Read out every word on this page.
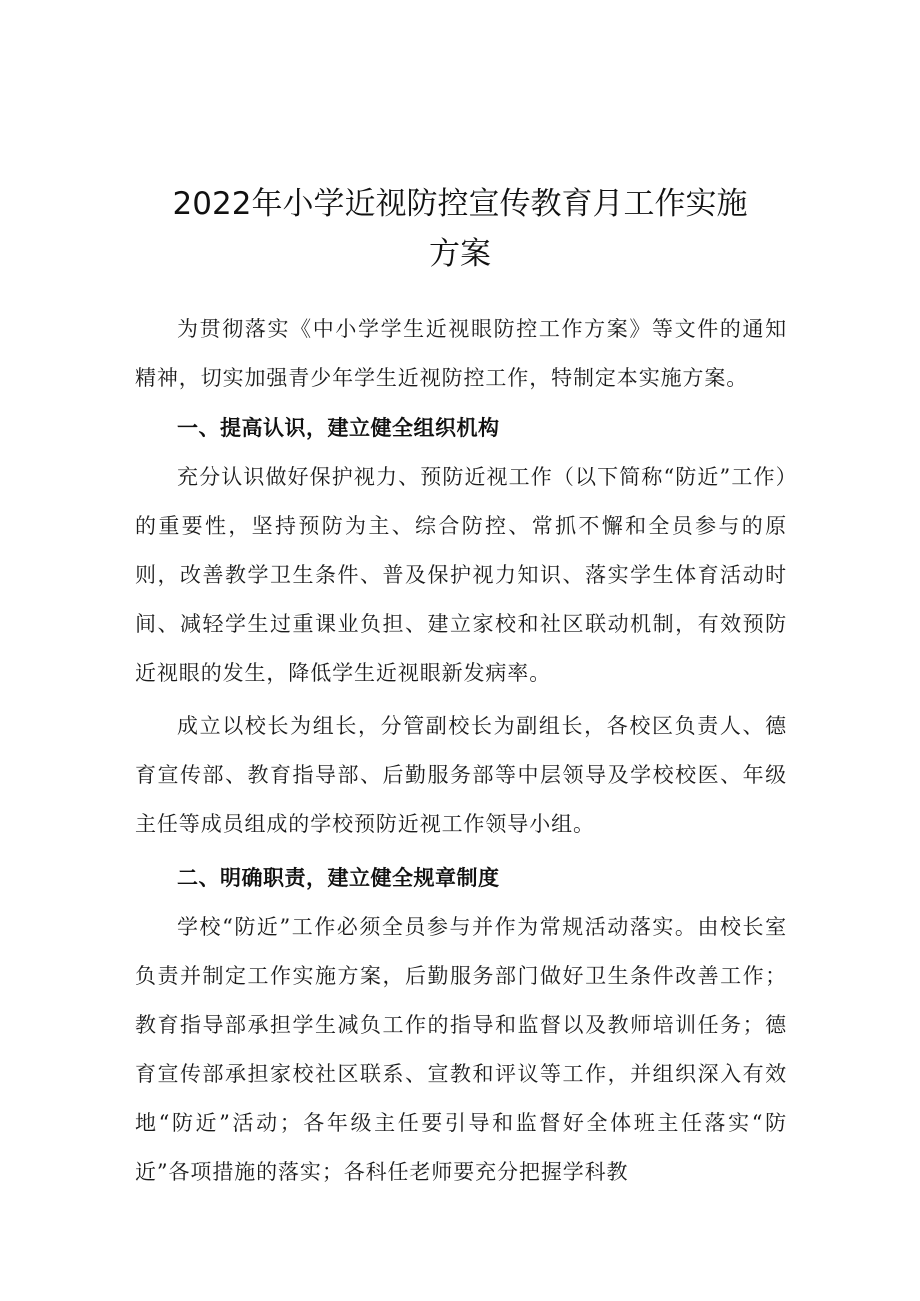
2022年小学近视防控宣传教育月工作实施
方案

为贯彻落实《中小学学生近视眼防控工作方案》等文件的通知精神，切实加强青少年学生近视防控工作，特制定本实施方案。

一、提高认识，建立健全组织机构

充分认识做好保护视力、预防近视工作（以下简称“防近”工作）的重要性，坚持预防为主、综合防控、常抓不懈和全员参与的原则，改善教学卫生条件、普及保护视力知识、落实学生体育活动时间、减轻学生过重课业负担、建立家校和社区联动机制，有效预防近视眼的发生，降低学生近视眼新发病率。

成立以校长为组长，分管副校长为副组长，各校区负责人、德育宣传部、教育指导部、后勤服务部等中层领导及学校校医、年级主任等成员组成的学校预防近视工作领导小组。

二、明确职责，建立健全规章制度

学校“防近”工作必须全员参与并作为常规活动落实。由校长室负责并制定工作实施方案，后勤服务部门做好卫生条件改善工作；教育指导部承担学生减负工作的指导和监督以及教师培训任务；德育宣传部承担家校社区联系、宣教和评议等工作，并组织深入有效地“防近”活动；各年级主任要引导和监督好全体班主任落实“防近”各项措施的落实；各科任老师要充分把握学科教
